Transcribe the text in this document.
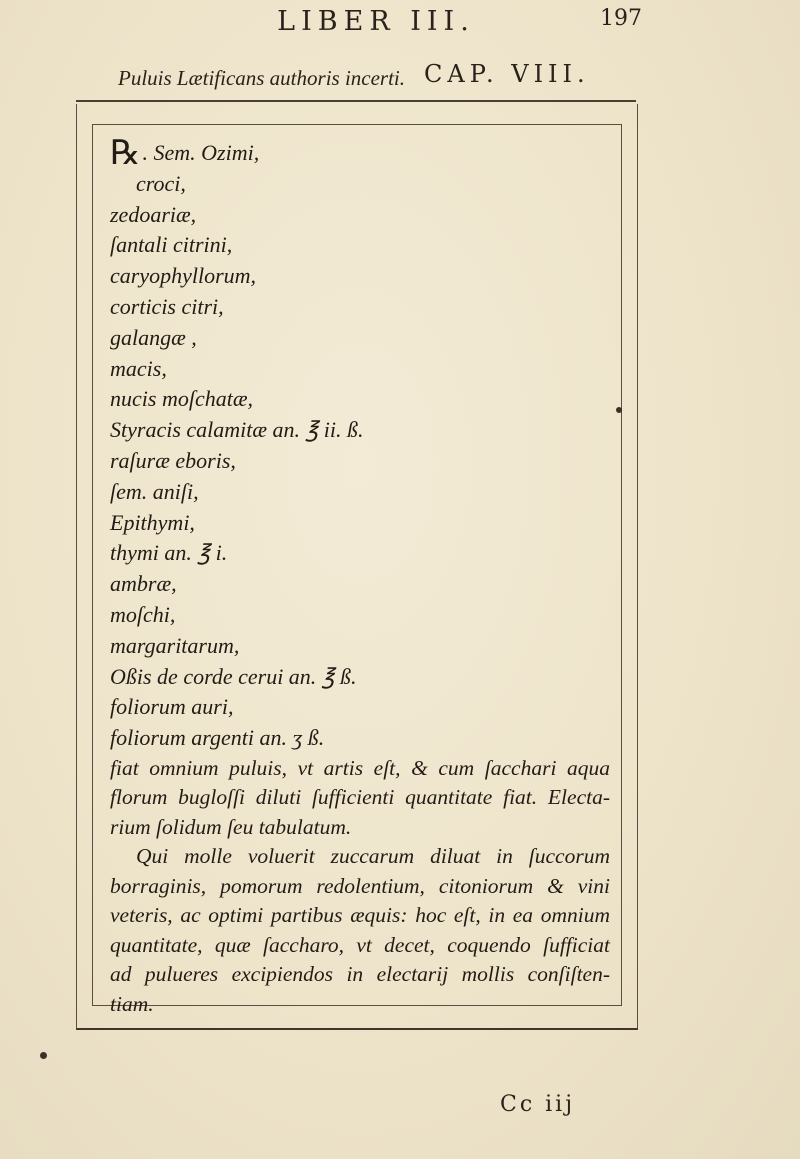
LIBER III.	197
Puluis Lætificans authoris incerti. CAP. VIII.
℞. Sem. Ozimi,
croci,
zedoariæ,
ſantali citrini,
caryophyllorum,
corticis citri,
galangæ ,
macis,
nucis moſchatæ,
Styracis calamitæ an. ℥ ii. ß.
raſuræ eboris,
ſem. aniſi,
Epithymi,
thymi an. ℥ i.
ambræ,
moſchi,
margaritarum,
Oßis de corde cerui an. ℥ ß.
foliorum auri,
foliorum argenti an. ʒ ß.
fiat omnium puluis, vt artis eſt, & cum ſacchari aqua
florum bugloſſi diluti ſufficienti quantitate fiat. Electa-
rium ſolidum ſeu tabulatum.
Qui molle voluerit zuccarum diluat in ſuccorum
borraginis, pomorum redolentium, citoniorum & vini
veteris, ac optimi partibus æquis: hoc eſt, in ea omnium
quantitate, quæ ſaccharo, vt decet, coquendo ſufficiat
ad pulueres excipiendos in electarij mollis conſiſten-
tiam.
Cc iij
